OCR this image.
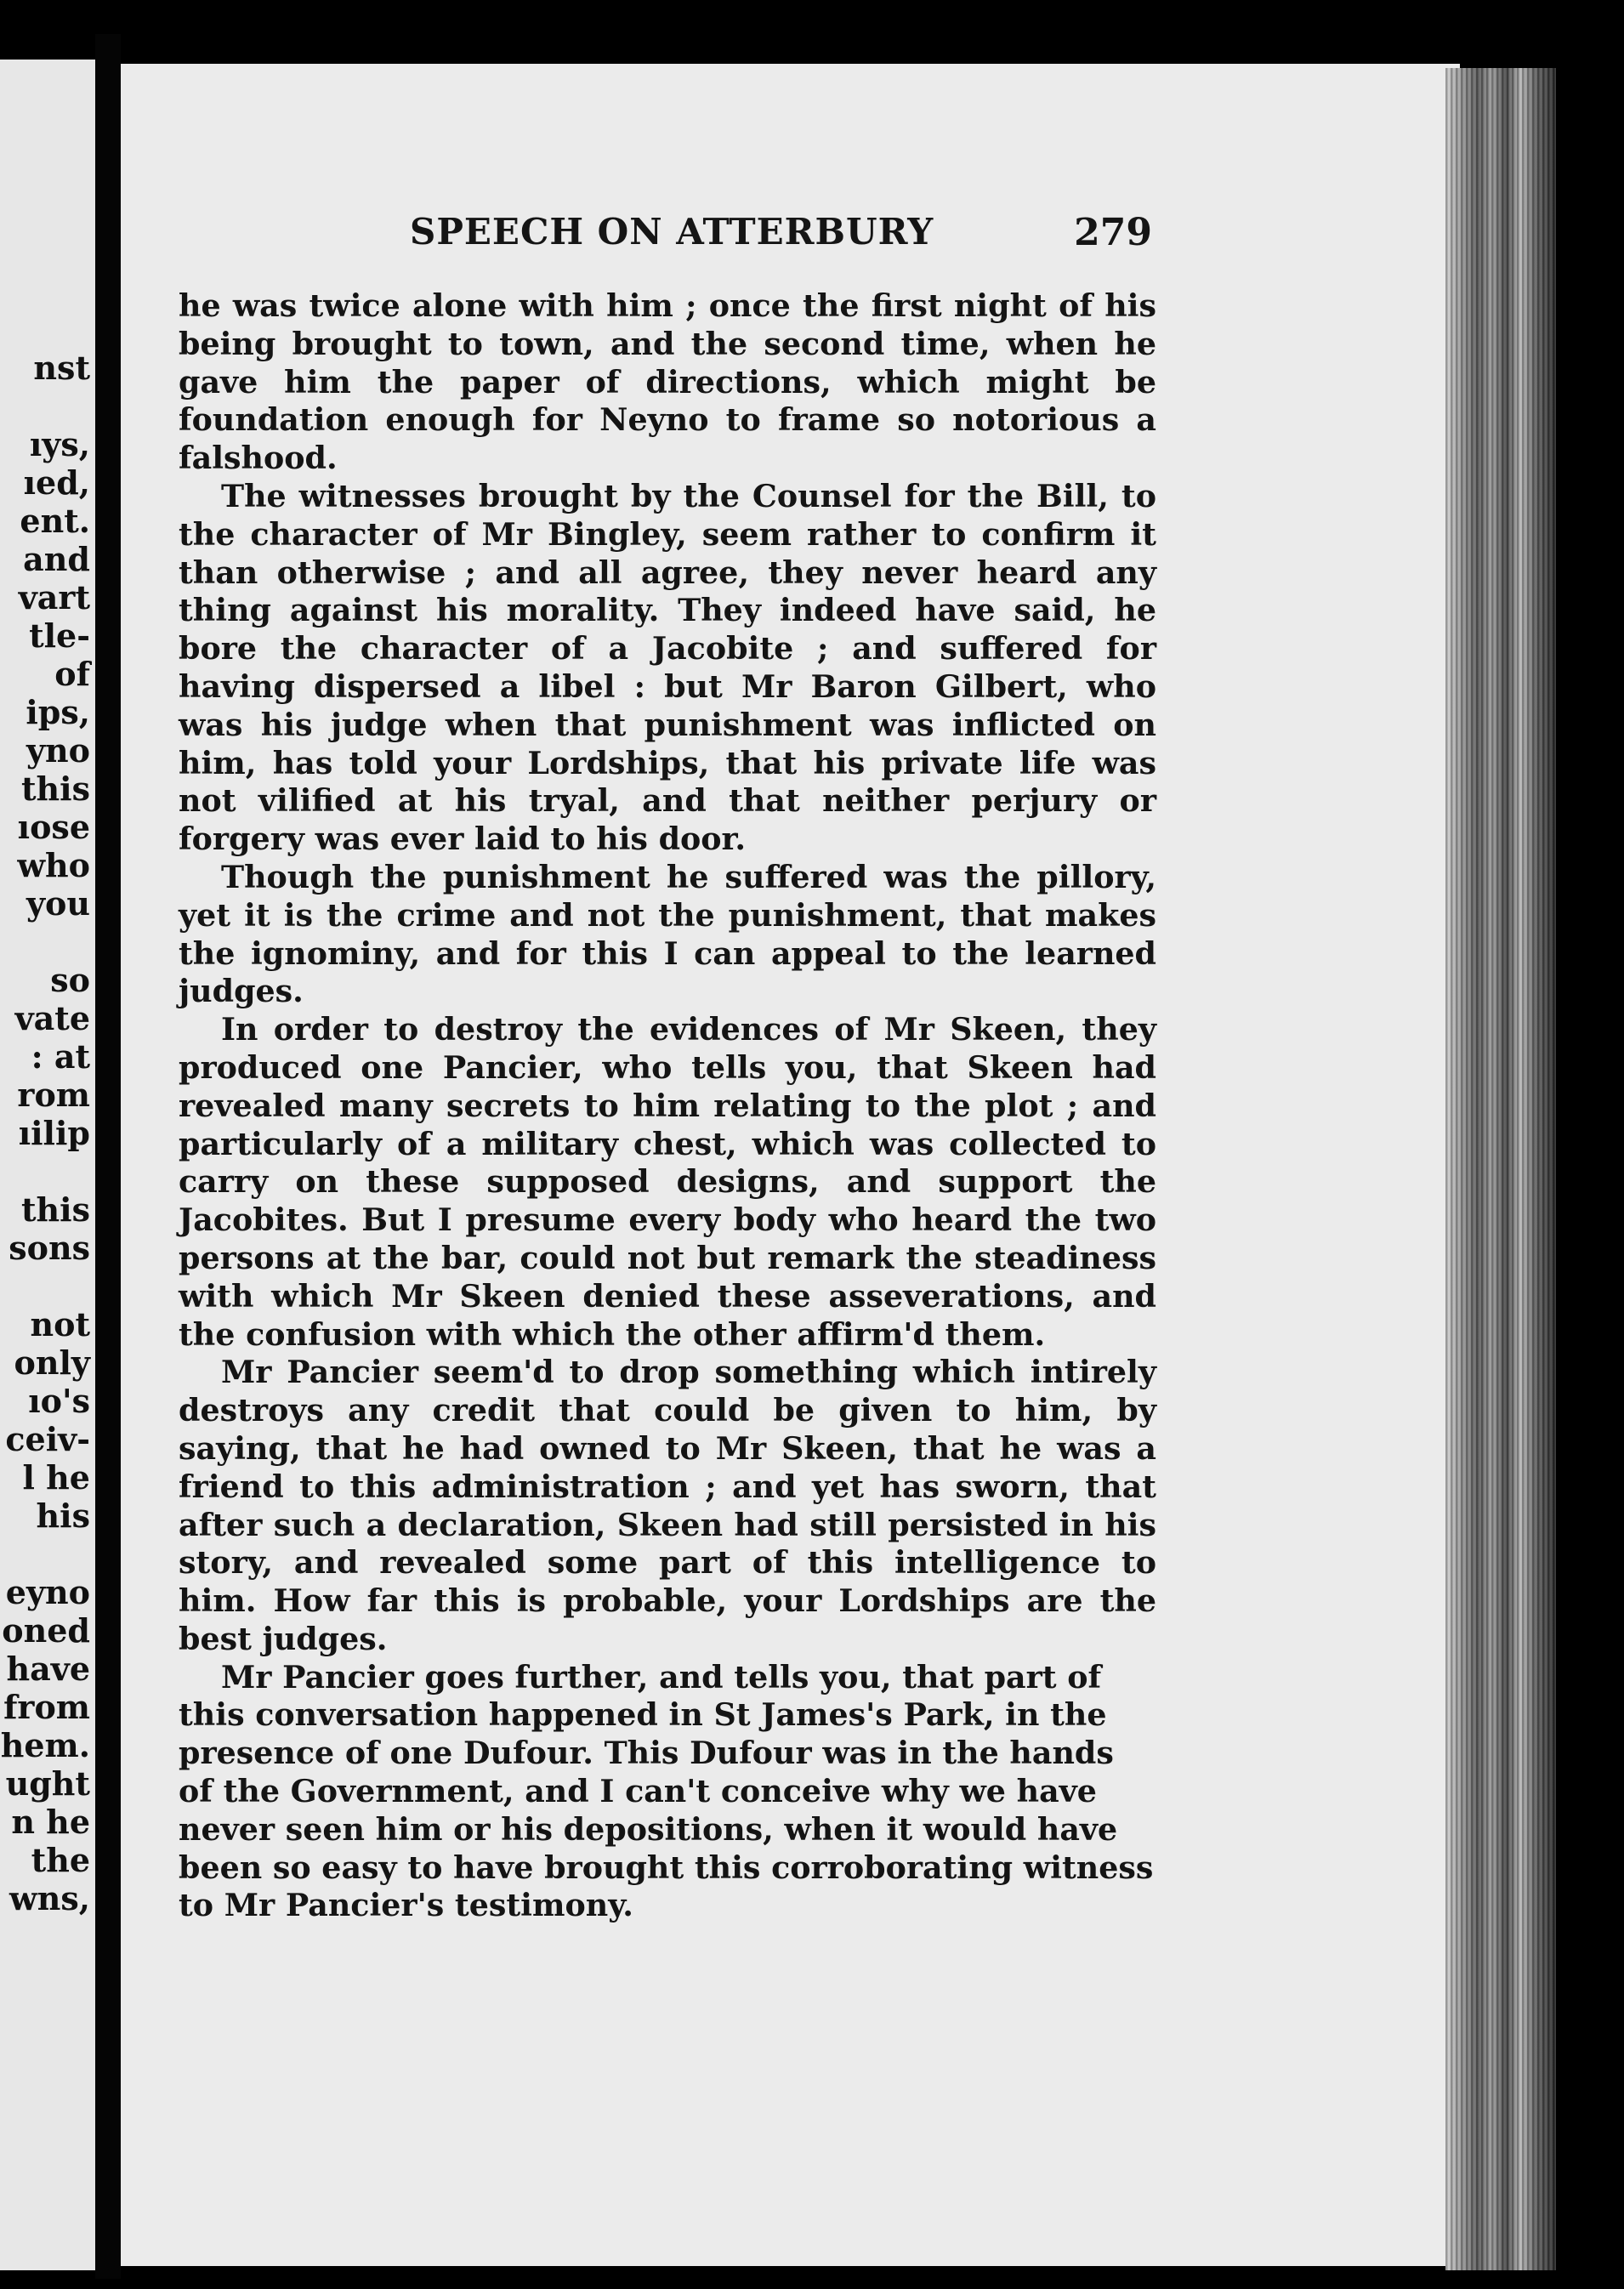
nst

ıys,
ıed,
ent.
and
vart
tle-
of
ips,
yno
this
ıose
who
you

so
vate
: at
rom
ıilip

this
sons

not
only
ıo's
ceiv-
l he
his

eyno
oned
have
from
hem.
ught
n he
the
wns,
SPEECH ON ATTERBURY	279

he was twice alone with him ; once the first night of his being brought to town, and the second time, when he gave him the paper of directions, which might be foundation enough for Neyno to frame so notorious a falshood.

The witnesses brought by the Counsel for the Bill, to the character of Mr Bingley, seem rather to confirm it than otherwise ; and all agree, they never heard any thing against his morality. They indeed have said, he bore the character of a Jacobite ; and suffered for having dispersed a libel : but Mr Baron Gilbert, who was his judge when that punishment was inflicted on him, has told your Lordships, that his private life was not vilified at his tryal, and that neither perjury or forgery was ever laid to his door.

Though the punishment he suffered was the pillory, yet it is the crime and not the punishment, that makes the ignominy, and for this I can appeal to the learned judges.

In order to destroy the evidences of Mr Skeen, they produced one Pancier, who tells you, that Skeen had revealed many secrets to him relating to the plot ; and particularly of a military chest, which was collected to carry on these supposed designs, and support the Jacobites. But I presume every body who heard the two persons at the bar, could not but remark the steadiness with which Mr Skeen denied these asseverations, and the confusion with which the other affirm'd them.

Mr Pancier seem'd to drop something which intirely destroys any credit that could be given to him, by saying, that he had owned to Mr Skeen, that he was a friend to this administration ; and yet has sworn, that after such a declaration, Skeen had still persisted in his story, and revealed some part of this intelligence to him. How far this is probable, your Lordships are the best judges.

Mr Pancier goes further, and tells you, that part of this conversation happened in St James's Park, in the presence of one Dufour. This Dufour was in the hands of the Government, and I can't conceive why we have never seen him or his depositions, when it would have been so easy to have brought this corroborating witness to Mr Pancier's testimony.
